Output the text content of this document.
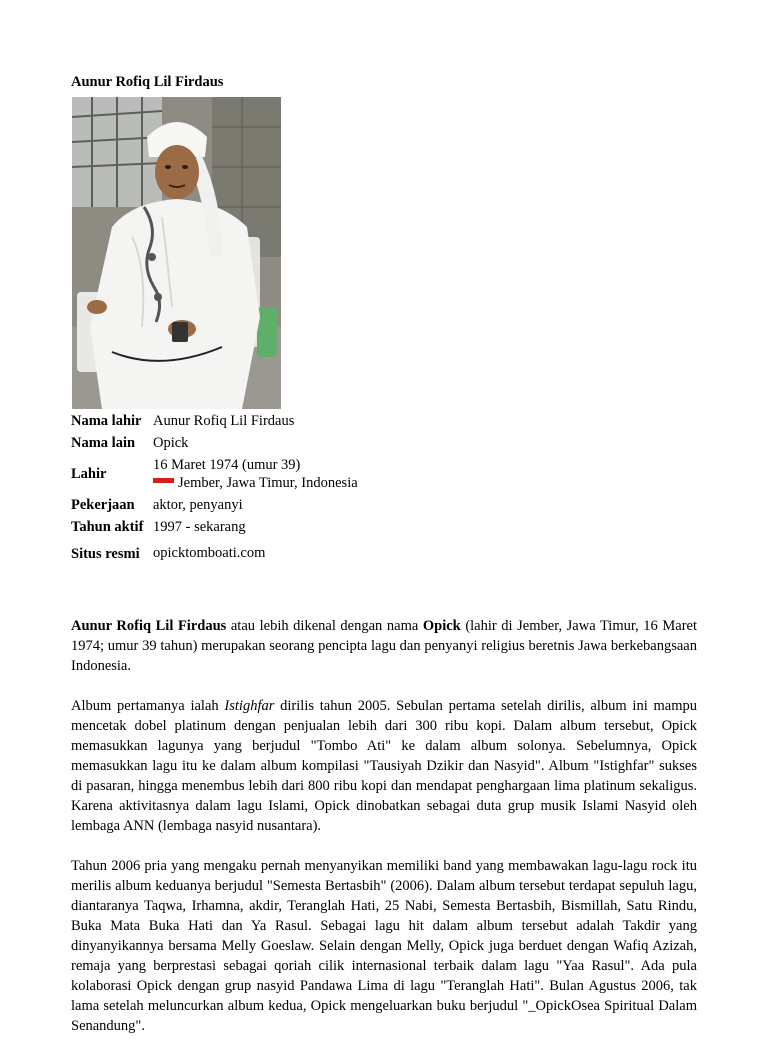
Aunur Rofiq Lil Firdaus
Nama lahir	Aunur Rofiq Lil Firdaus
Nama lain	Opick
Lahir	16 Maret 1974 (umur 39)

Jember, Jawa Timur, Indonesia
Pekerjaan	aktor, penyanyi
Tahun aktif	1997 - sekarang
Situs resmi	opicktomboati.com

Aunur Rofiq Lil Firdaus atau lebih dikenal dengan nama Opick (lahir di Jember, Jawa Timur, 16 Maret 1974; umur 39 tahun) merupakan seorang pencipta lagu dan penyanyi religius beretnis Jawa berkebangsaan Indonesia.

Album pertamanya ialah Istighfar dirilis tahun 2005. Sebulan pertama setelah dirilis, album ini mampu mencetak dobel platinum dengan penjualan lebih dari 300 ribu kopi. Dalam album tersebut, Opick memasukkan lagunya yang berjudul "Tombo Ati" ke dalam album solonya. Sebelumnya, Opick memasukkan lagu itu ke dalam album kompilasi "Tausiyah Dzikir dan Nasyid". Album "Istighfar" sukses di pasaran, hingga menembus lebih dari 800 ribu kopi dan mendapat penghargaan lima platinum sekaligus. Karena aktivitasnya dalam lagu Islami, Opick dinobatkan sebagai duta grup musik Islami Nasyid oleh lembaga ANN (lembaga nasyid nusantara).

Tahun 2006 pria yang mengaku pernah menyanyikan memiliki band yang membawakan lagu-lagu rock itu merilis album keduanya berjudul "Semesta Bertasbih" (2006). Dalam album tersebut terdapat sepuluh lagu, diantaranya Taqwa, Irhamna, akdir, Teranglah Hati, 25 Nabi, Semesta Bertasbih, Bismillah, Satu Rindu, Buka Mata Buka Hati dan Ya Rasul. Sebagai lagu hit dalam album tersebut adalah Takdir yang dinyanyikannya bersama Melly Goeslaw. Selain dengan Melly, Opick juga berduet dengan Wafiq Azizah, remaja yang berprestasi sebagai qoriah cilik internasional terbaik dalam lagu "Yaa Rasul". Ada pula kolaborasi Opick dengan grup nasyid Pandawa Lima di lagu "Teranglah Hati". Bulan Agustus 2006, tak lama setelah meluncurkan album kedua, Opick mengeluarkan buku berjudul "_OpickOsea Spiritual Dalam Senandung".
